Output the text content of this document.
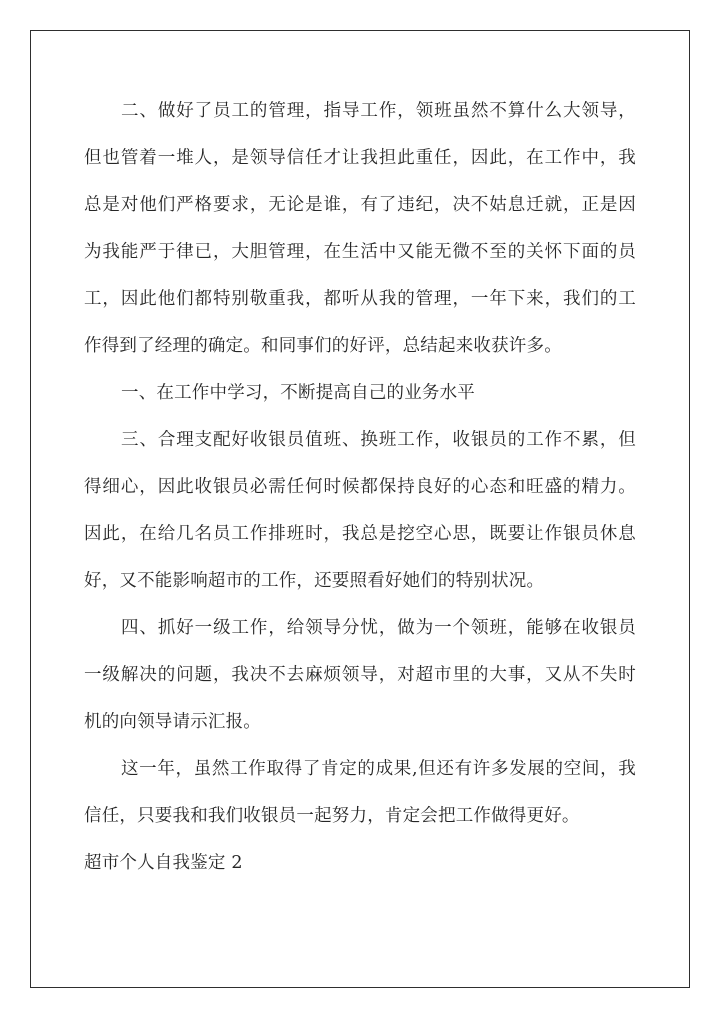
二、做好了员工的管理，指导工作，领班虽然不算什么大领导，
但也管着一堆人，是领导信任才让我担此重任，因此，在工作中，我
总是对他们严格要求，无论是谁，有了违纪，决不姑息迁就，正是因
为我能严于律已，大胆管理，在生活中又能无微不至的关怀下面的员
工，因此他们都特别敬重我，都听从我的管理，一年下来，我们的工
作得到了经理的确定。和同事们的好评，总结起来收获许多。
一、在工作中学习，不断提高自己的业务水平
三、合理支配好收银员值班、换班工作，收银员的工作不累，但
得细心，因此收银员必需任何时候都保持良好的心态和旺盛的精力。
因此，在给几名员工作排班时，我总是挖空心思，既要让作银员休息
好，又不能影响超市的工作，还要照看好她们的特别状况。
四、抓好一级工作，给领导分忧，做为一个领班，能够在收银员
一级解决的问题，我决不去麻烦领导，对超市里的大事，又从不失时
机的向领导请示汇报。
这一年，虽然工作取得了肯定的成果,但还有许多发展的空间，我
信任，只要我和我们收银员一起努力，肯定会把工作做得更好。
超市个人自我鉴定 2
